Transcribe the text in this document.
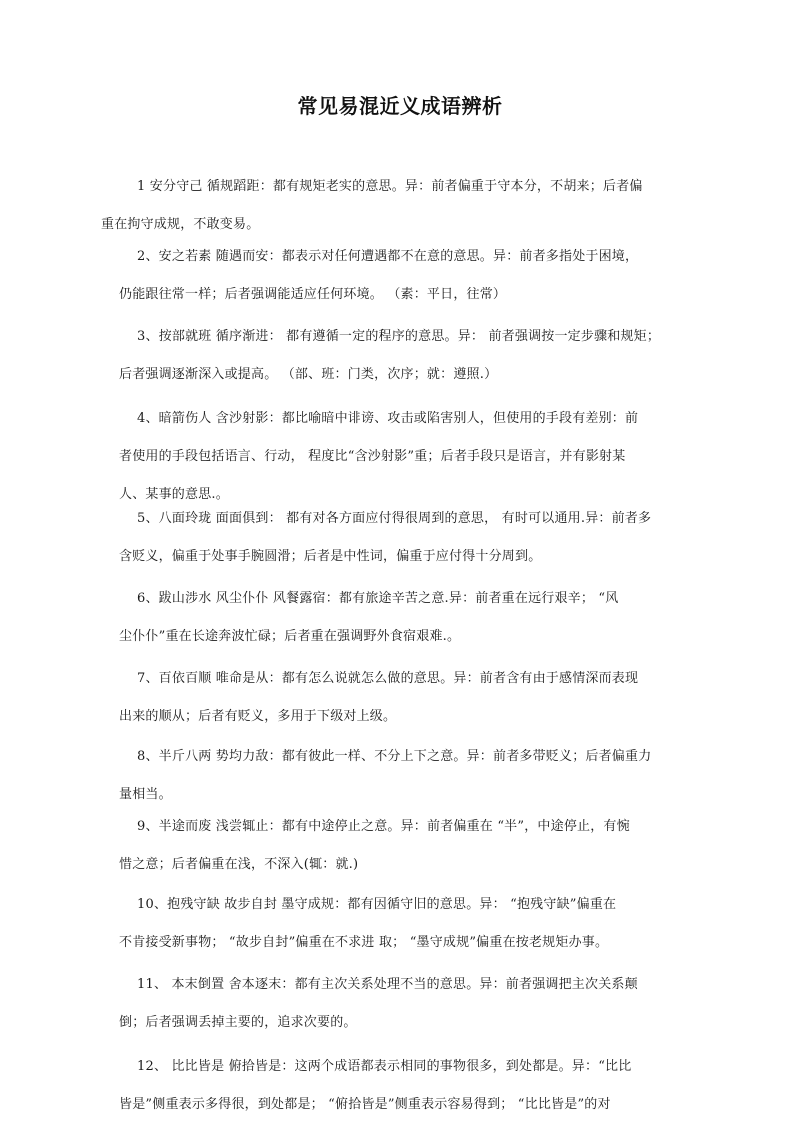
常见易混近义成语辨析

1 安分守己 循规蹈距：都有规矩老实的意思。异：前者偏重于守本分，不胡来；后者偏
重在拘守成规，不敢变易。

2、安之若素 随遇而安：都表示对任何遭遇都不在意的意思。异：前者多指处于困境，
仍能跟往常一样；后者强调能适应任何环境。 （素：平日，往常）

3、按部就班 循序渐进： 都有遵循一定的程序的意思。异： 前者强调按一定步骤和规矩；
后者强调逐渐深入或提高。 （部、班：门类，次序；就：遵照.）

4、暗箭伤人 含沙射影：都比喻暗中诽谤、攻击或陷害别人，但使用的手段有差别：前
者使用的手段包括语言、行动， 程度比“含沙射影”重；后者手段只是语言，并有影射某
人、某事的意思.。

5、八面玲珑 面面俱到： 都有对各方面应付得很周到的意思， 有时可以通用.异：前者多
含贬义，偏重于处事手腕圆滑；后者是中性词，偏重于应付得十分周到。

6、跋山涉水 风尘仆仆 风餐露宿：都有旅途辛苦之意.异：前者重在远行艰辛； “风
尘仆仆”重在长途奔波忙碌；后者重在强调野外食宿艰难.。

7、百依百顺 唯命是从：都有怎么说就怎么做的意思。异：前者含有由于感情深而表现
出来的顺从；后者有贬义，多用于下级对上级。

8、半斤八两 势均力敌：都有彼此一样、不分上下之意。异：前者多带贬义；后者偏重力
量相当。

9、半途而废 浅尝辄止：都有中途停止之意。异：前者偏重在 “半”，中途停止，有惋
惜之意；后者偏重在浅，不深入(辄：就.)

10、抱残守缺 故步自封 墨守成规：都有因循守旧的意思。异： “抱残守缺”偏重在
不肯接受新事物； “故步自封”偏重在不求进 取； “墨守成规”偏重在按老规矩办事。

11、 本末倒置 舍本逐末：都有主次关系处理不当的意思。异：前者强调把主次关系颠
倒；后者强调丢掉主要的，追求次要的。

12、 比比皆是 俯拾皆是：这两个成语都表示相同的事物很多，到处都是。异：“比比
皆是”侧重表示多得很，到处都是； “俯拾皆是”侧重表示容易得到； “比比皆是”的对
